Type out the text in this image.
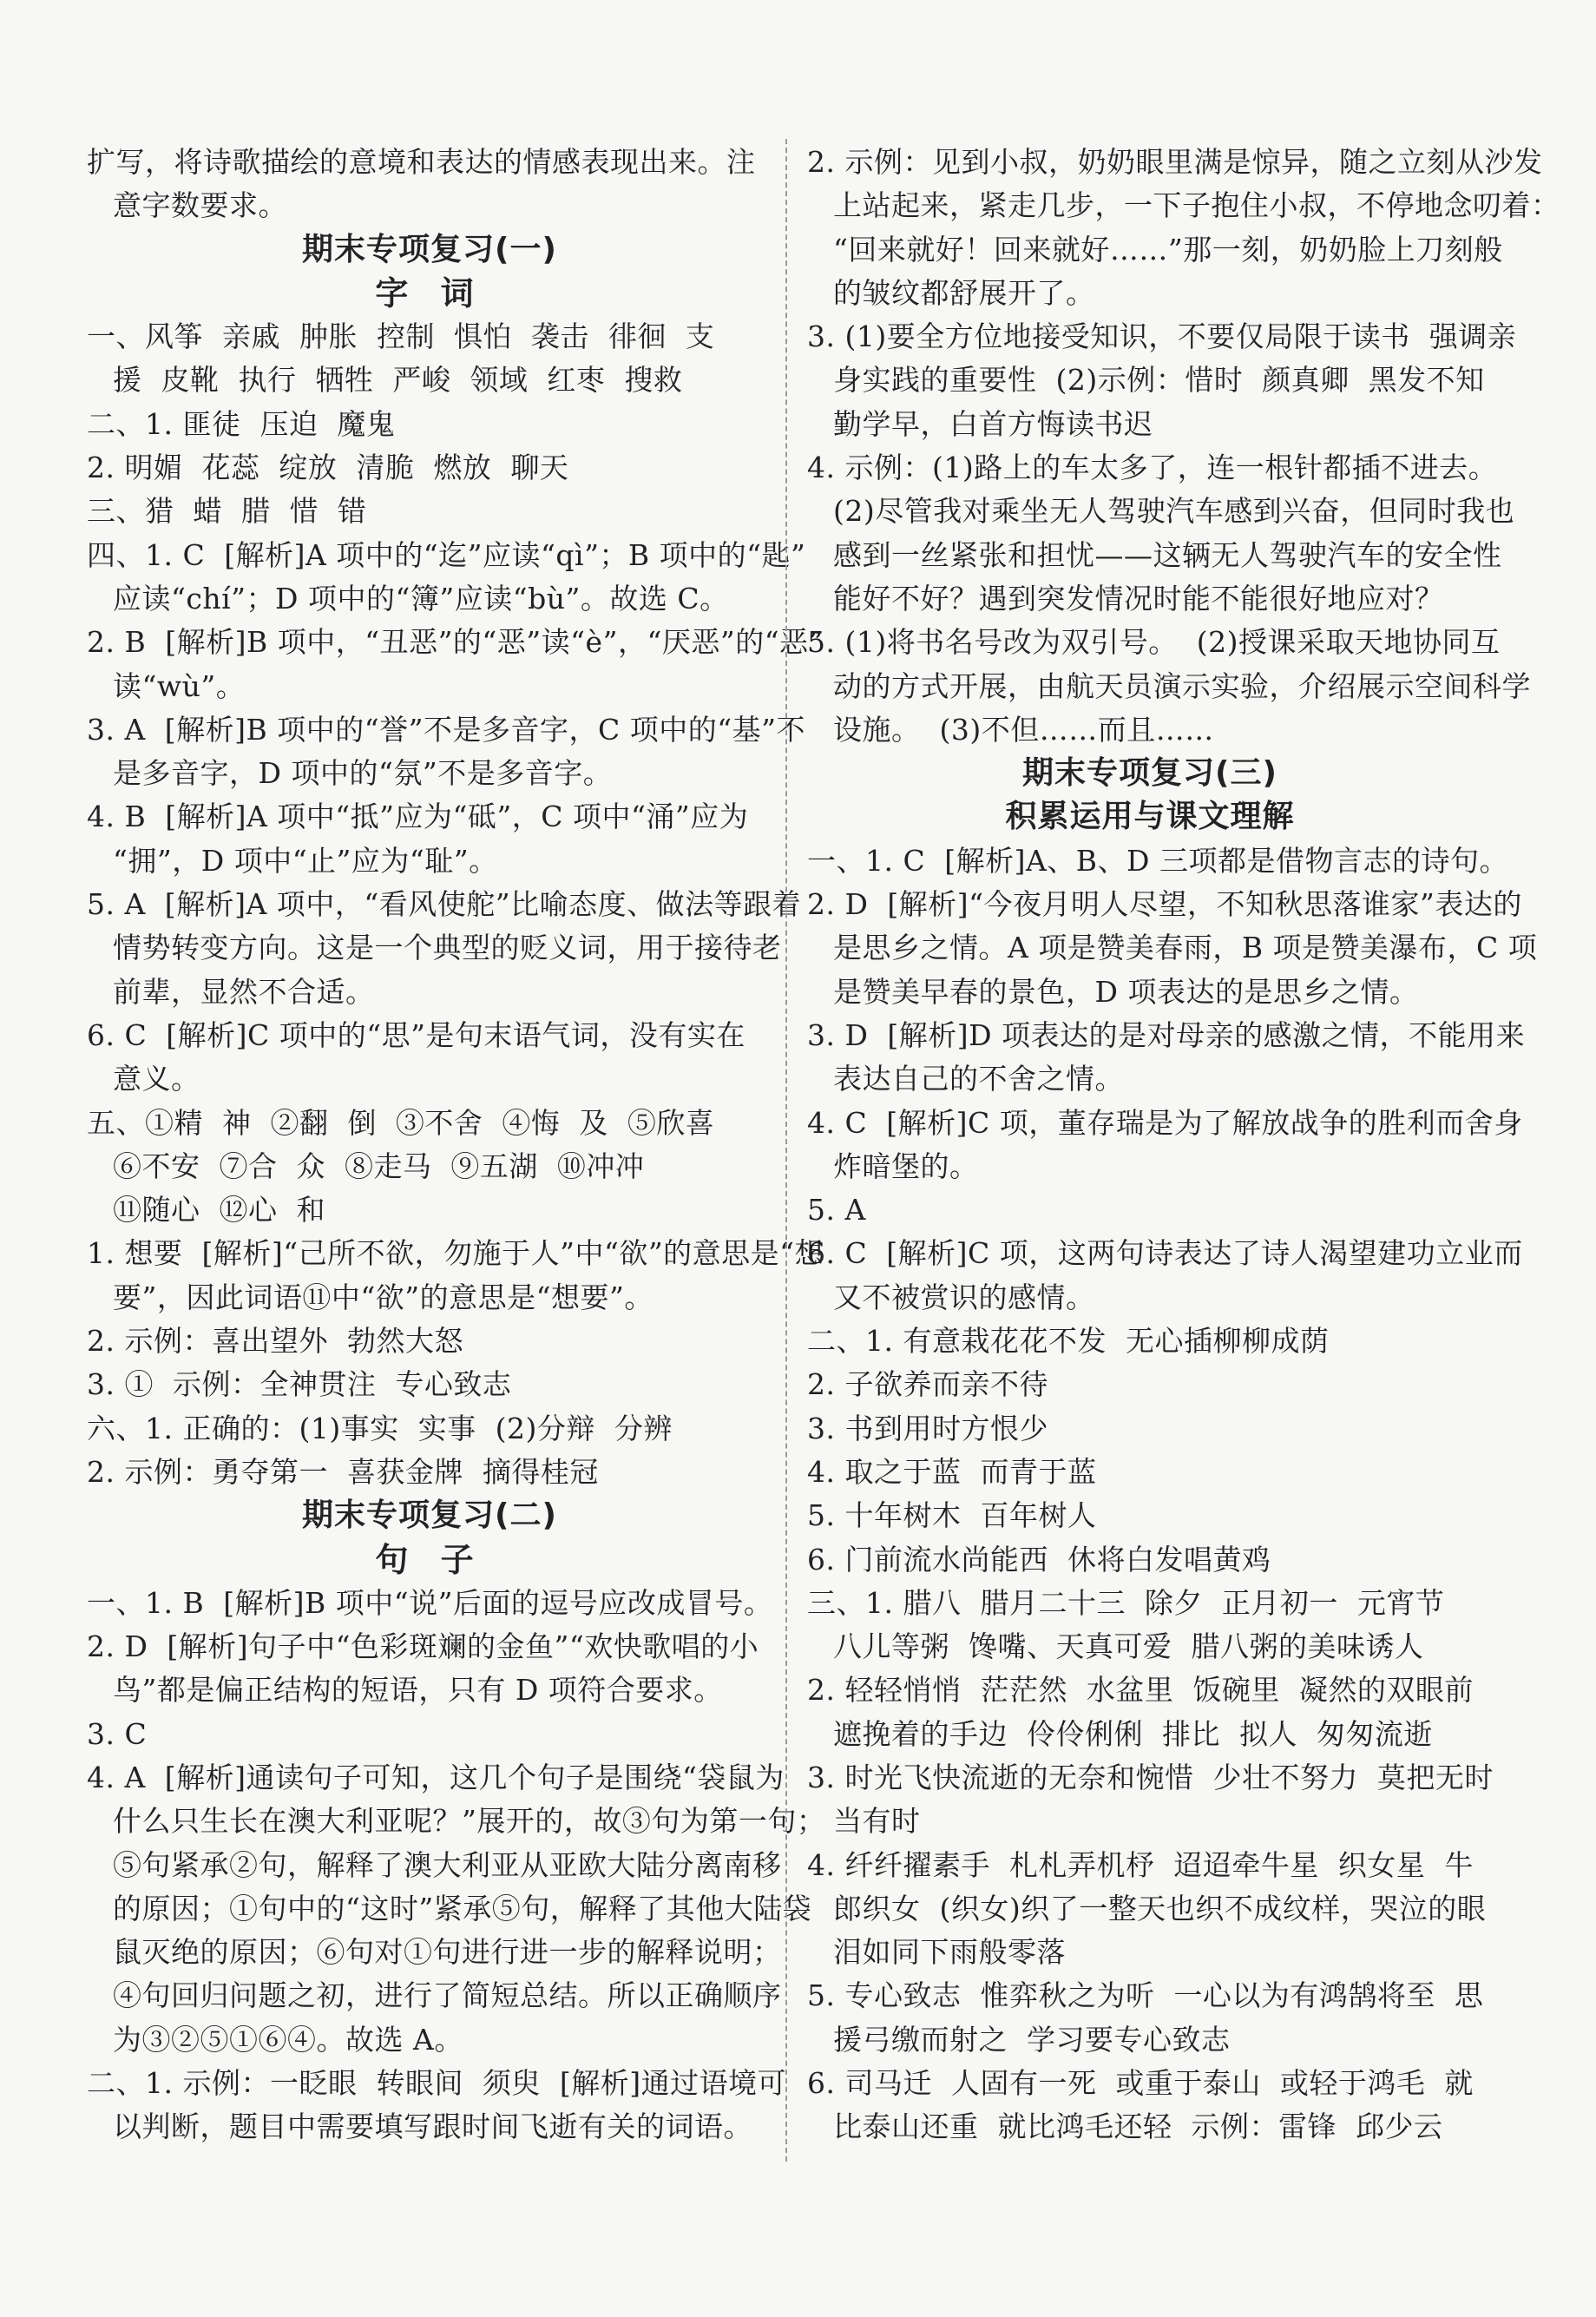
扩写，将诗歌描绘的意境和表达的情感表现出来。注
意字数要求。
期末专项复习(一)
字 词
一、风筝  亲戚  肿胀  控制  惧怕  袭击  徘徊  支
援  皮靴  执行  牺牲  严峻  领域  红枣  搜救
二、1. 匪徒  压迫  魔鬼
2. 明媚  花蕊  绽放  清脆  燃放  聊天
三、猎  蜡  腊  惜  错
四、1. C  [解析]A 项中的“迄”应读“qì”；B 项中的“匙”
应读“chí”；D 项中的“簿”应读“bù”。故选 C。
2. B  [解析]B 项中，“丑恶”的“恶”读“è”，“厌恶”的“恶”
读“wù”。
3. A  [解析]B 项中的“誉”不是多音字，C 项中的“基”不
是多音字，D 项中的“氛”不是多音字。
4. B  [解析]A 项中“抵”应为“砥”，C 项中“涌”应为
“拥”，D 项中“止”应为“耻”。
5. A  [解析]A 项中，“看风使舵”比喻态度、做法等跟着
情势转变方向。这是一个典型的贬义词，用于接待老
前辈，显然不合适。
6. C  [解析]C 项中的“思”是句末语气词，没有实在
意义。
五、①精  神  ②翻  倒  ③不舍  ④悔  及  ⑤欣喜
⑥不安  ⑦合  众  ⑧走马  ⑨五湖  ⑩冲冲
⑪随心  ⑫心  和
1. 想要  [解析]“己所不欲，勿施于人”中“欲”的意思是“想
要”，因此词语⑪中“欲”的意思是“想要”。
2. 示例：喜出望外  勃然大怒
3. ①  示例：全神贯注  专心致志
六、1. 正确的：(1)事实  实事  (2)分辩  分辨
2. 示例：勇夺第一  喜获金牌  摘得桂冠
期末专项复习(二)
句 子
一、1. B  [解析]B 项中“说”后面的逗号应改成冒号。
2. D  [解析]句子中“色彩斑斓的金鱼”“欢快歌唱的小
鸟”都是偏正结构的短语，只有 D 项符合要求。
3. C
4. A  [解析]通读句子可知，这几个句子是围绕“袋鼠为
什么只生长在澳大利亚呢？”展开的，故③句为第一句；
⑤句紧承②句，解释了澳大利亚从亚欧大陆分离南移
的原因；①句中的“这时”紧承⑤句，解释了其他大陆袋
鼠灭绝的原因；⑥句对①句进行进一步的解释说明；
④句回归问题之初，进行了简短总结。所以正确顺序
为③②⑤①⑥④。故选 A。
二、1. 示例：一眨眼  转眼间  须臾  [解析]通过语境可
以判断，题目中需要填写跟时间飞逝有关的词语。
2. 示例：见到小叔，奶奶眼里满是惊异，随之立刻从沙发
上站起来，紧走几步，一下子抱住小叔，不停地念叨着：
“回来就好！回来就好……”那一刻，奶奶脸上刀刻般
的皱纹都舒展开了。
3. (1)要全方位地接受知识，不要仅局限于读书  强调亲
身实践的重要性  (2)示例：惜时  颜真卿  黑发不知
勤学早，白首方悔读书迟
4. 示例：(1)路上的车太多了，连一根针都插不进去。
(2)尽管我对乘坐无人驾驶汽车感到兴奋，但同时我也
感到一丝紧张和担忧——这辆无人驾驶汽车的安全性
能好不好？遇到突发情况时能不能很好地应对？
5. (1)将书名号改为双引号。  (2)授课采取天地协同互
动的方式开展，由航天员演示实验，介绍展示空间科学
设施。  (3)不但……而且……
期末专项复习(三)
积累运用与课文理解
一、1. C  [解析]A、B、D 三项都是借物言志的诗句。
2. D  [解析]“今夜月明人尽望，不知秋思落谁家”表达的
是思乡之情。A 项是赞美春雨，B 项是赞美瀑布，C 项
是赞美早春的景色，D 项表达的是思乡之情。
3. D  [解析]D 项表达的是对母亲的感激之情，不能用来
表达自己的不舍之情。
4. C  [解析]C 项，董存瑞是为了解放战争的胜利而舍身
炸暗堡的。
5. A
6. C  [解析]C 项，这两句诗表达了诗人渴望建功立业而
又不被赏识的感情。
二、1. 有意栽花花不发  无心插柳柳成荫
2. 子欲养而亲不待
3. 书到用时方恨少
4. 取之于蓝  而青于蓝
5. 十年树木  百年树人
6. 门前流水尚能西  休将白发唱黄鸡
三、1. 腊八  腊月二十三  除夕  正月初一  元宵节
八儿等粥  馋嘴、天真可爱  腊八粥的美味诱人
2. 轻轻悄悄  茫茫然  水盆里  饭碗里  凝然的双眼前
遮挽着的手边  伶伶俐俐  排比  拟人  匆匆流逝
3. 时光飞快流逝的无奈和惋惜  少壮不努力  莫把无时
当有时
4. 纤纤擢素手  札札弄机杼  迢迢牵牛星  织女星  牛
郎织女  (织女)织了一整天也织不成纹样，哭泣的眼
泪如同下雨般零落
5. 专心致志  惟弈秋之为听  一心以为有鸿鹄将至  思
援弓缴而射之  学习要专心致志
6. 司马迁  人固有一死  或重于泰山  或轻于鸿毛  就
比泰山还重  就比鸿毛还轻  示例：雷锋  邱少云
